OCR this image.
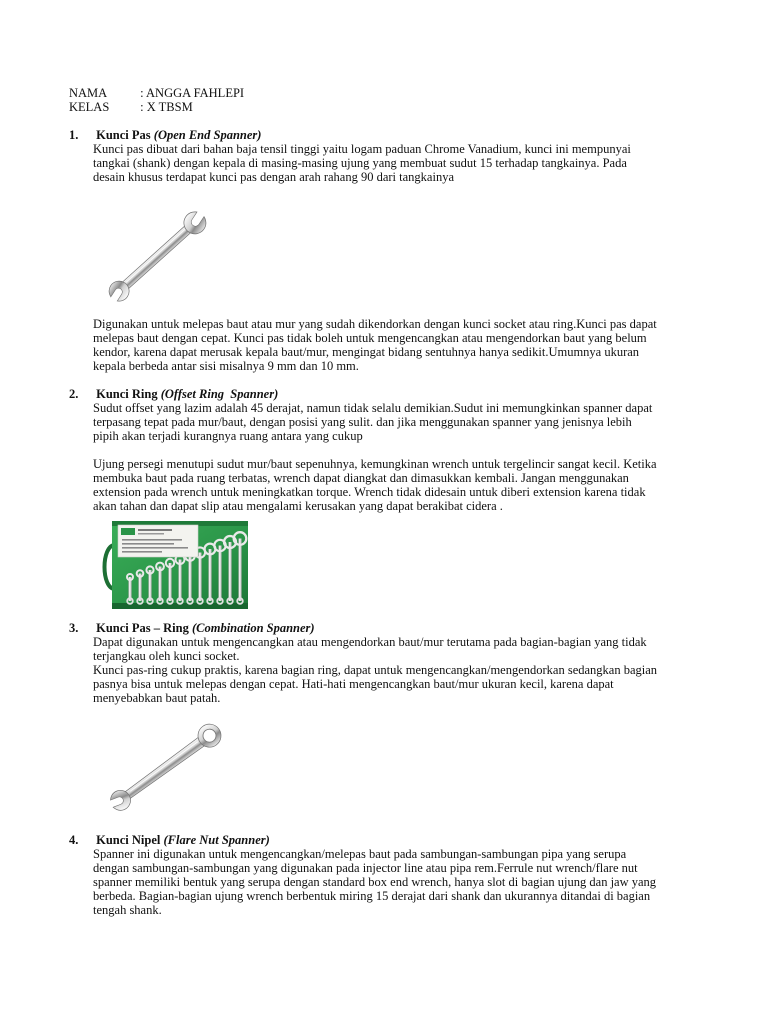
NAMA	: ANGGA FAHLEPI
KELAS : X TBSM
1. Kunci Pas (Open End Spanner)
Kunci pas dibuat dari bahan baja tensil tinggi yaitu logam paduan Chrome Vanadium, kunci ini mempunyai
tangkai (shank) dengan kepala di masing-masing ujung yang membuat sudut 15 terhadap tangkainya. Pada
desain khusus terdapat kunci pas dengan arah rahang 90 dari tangkainya
Digunakan untuk melepas baut atau mur yang sudah dikendorkan dengan kunci socket atau ring.Kunci pas dapat
melepas baut dengan cepat. Kunci pas tidak boleh untuk mengencangkan atau mengendorkan baut yang belum
kendor, karena dapat merusak kepala baut/mur, mengingat bidang sentuhnya hanya sedikit.Umumnya ukuran
kepala berbeda antar sisi misalnya 9 mm dan 10 mm.
2. Kunci Ring (Offset Ring  Spanner)
Sudut offset yang lazim adalah 45 derajat, namun tidak selalu demikian.Sudut ini memungkinkan spanner dapat
terpasang tepat pada mur/baut, dengan posisi yang sulit. dan jika menggunakan spanner yang jenisnya lebih
pipih akan terjadi kurangnya ruang antara yang cukup
Ujung persegi menutupi sudut mur/baut sepenuhnya, kemungkinan wrench untuk tergelincir sangat kecil. Ketika
membuka baut pada ruang terbatas, wrench dapat diangkat dan dimasukkan kembali. Jangan menggunakan
extension pada wrench untuk meningkatkan torque. Wrench tidak didesain untuk diberi extension karena tidak
akan tahan dan dapat slip atau mengalami kerusakan yang dapat berakibat cidera .
3. Kunci Pas – Ring (Combination Spanner)
Dapat digunakan untuk mengencangkan atau mengendorkan baut/mur terutama pada bagian-bagian yang tidak
terjangkau oleh kunci socket.
Kunci pas-ring cukup praktis, karena bagian ring, dapat untuk mengencangkan/mengendorkan sedangkan bagian
pasnya bisa untuk melepas dengan cepat. Hati-hati mengencangkan baut/mur ukuran kecil, karena dapat
menyebabkan baut patah.
4. Kunci Nipel (Flare Nut Spanner)
Spanner ini digunakan untuk mengencangkan/melepas baut pada sambungan-sambungan pipa yang serupa
dengan sambungan-sambungan yang digunakan pada injector line atau pipa rem.Ferrule nut wrench/flare nut
spanner memiliki bentuk yang serupa dengan standard box end wrench, hanya slot di bagian ujung dan jaw yang
berbeda. Bagian-bagian ujung wrench berbentuk miring 15 derajat dari shank dan ukurannya ditandai di bagian
tengah shank.
